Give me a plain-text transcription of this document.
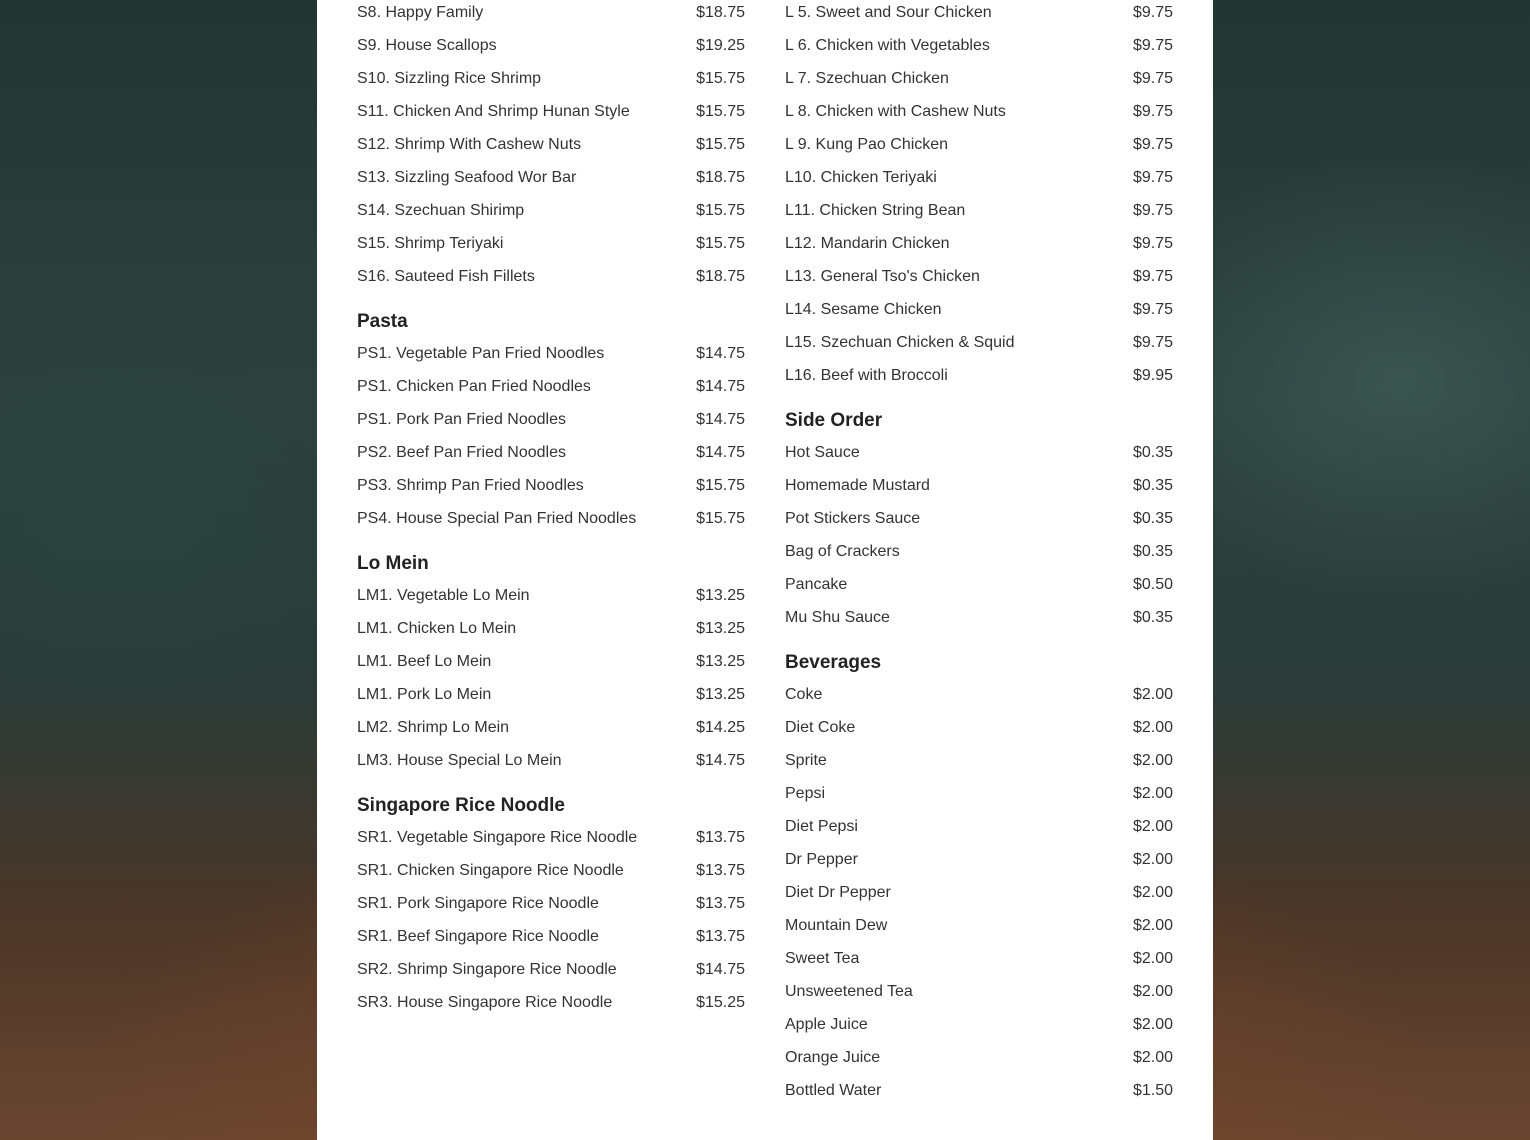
S8. Happy Family	$18.75
S9. House Scallops	$19.25
S10. Sizzling Rice Shrimp	$15.75
S11. Chicken And Shrimp Hunan Style	$15.75
S12. Shrimp With Cashew Nuts	$15.75
S13. Sizzling Seafood Wor Bar	$18.75
S14. Szechuan Shirimp	$15.75
S15. Shrimp Teriyaki	$15.75
S16. Sauteed Fish Fillets	$18.75
Pasta
PS1. Vegetable Pan Fried Noodles	$14.75
PS1. Chicken Pan Fried Noodles	$14.75
PS1. Pork Pan Fried Noodles	$14.75
PS2. Beef Pan Fried Noodles	$14.75
PS3. Shrimp Pan Fried Noodles	$15.75
PS4. House Special Pan Fried Noodles	$15.75
Lo Mein
LM1. Vegetable Lo Mein	$13.25
LM1. Chicken Lo Mein	$13.25
LM1. Beef Lo Mein	$13.25
LM1. Pork Lo Mein	$13.25
LM2. Shrimp Lo Mein	$14.25
LM3. House Special Lo Mein	$14.75
Singapore Rice Noodle
SR1. Vegetable Singapore Rice Noodle	$13.75
SR1. Chicken Singapore Rice Noodle	$13.75
SR1. Pork Singapore Rice Noodle	$13.75
SR1. Beef Singapore Rice Noodle	$13.75
SR2. Shrimp Singapore Rice Noodle	$14.75
SR3. House Singapore Rice Noodle	$15.25
L 5. Sweet and Sour Chicken	$9.75
L 6. Chicken with Vegetables	$9.75
L 7. Szechuan Chicken	$9.75
L 8. Chicken with Cashew Nuts	$9.75
L 9. Kung Pao Chicken	$9.75
L10. Chicken Teriyaki	$9.75
L11. Chicken String Bean	$9.75
L12. Mandarin Chicken	$9.75
L13. General Tso's Chicken	$9.75
L14. Sesame Chicken	$9.75
L15. Szechuan Chicken & Squid	$9.75
L16. Beef with Broccoli	$9.95
Side Order
Hot Sauce	$0.35
Homemade Mustard	$0.35
Pot Stickers Sauce	$0.35
Bag of Crackers	$0.35
Pancake	$0.50
Mu Shu Sauce	$0.35
Beverages
Coke	$2.00
Diet Coke	$2.00
Sprite	$2.00
Pepsi	$2.00
Diet Pepsi	$2.00
Dr Pepper	$2.00
Diet Dr Pepper	$2.00
Mountain Dew	$2.00
Sweet Tea	$2.00
Unsweetened Tea	$2.00
Apple Juice	$2.00
Orange Juice	$2.00
Bottled Water	$1.50
